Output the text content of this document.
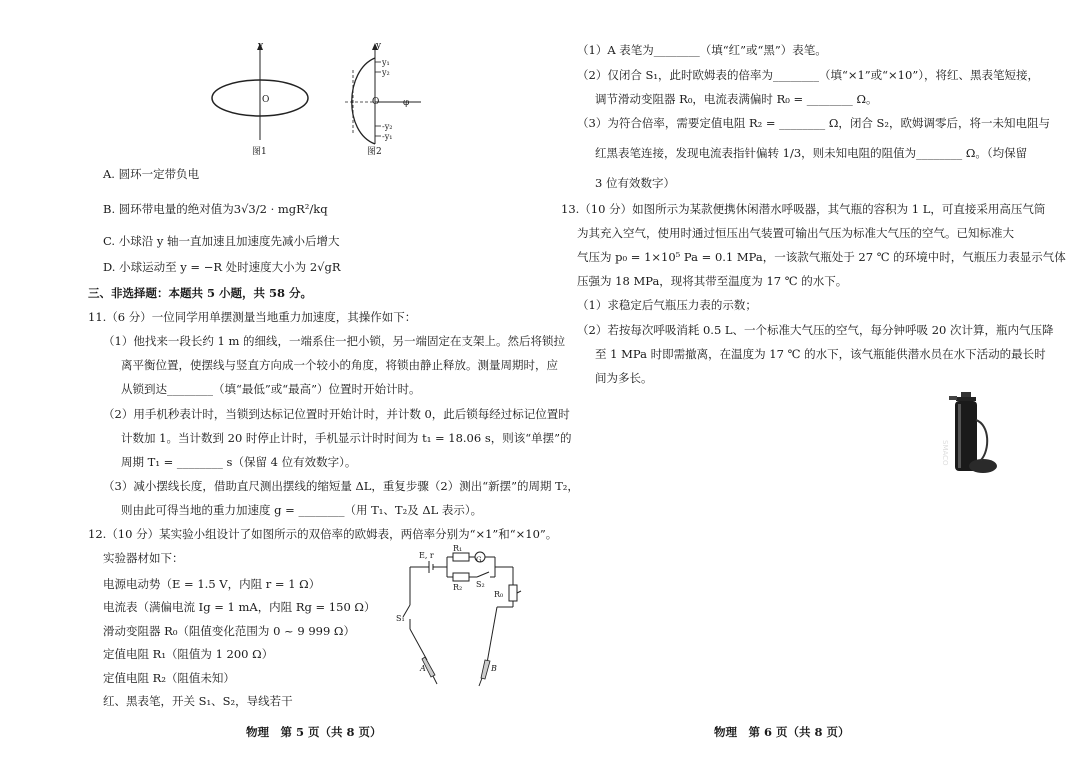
y
O
图1
y
y₁
y₂
O	φ
-y₂
-y₁
图2
A. 圆环一定带负电
B. 圆环带电量的绝对值为3√3/2 · mgR²/kq
C. 小球沿 y 轴一直加速且加速度先减小后增大
D. 小球运动至 y = −R 处时速度大小为 2√gR
三、非选择题：本题共 5 小题，共 58 分。
11.（6 分）一位同学用单摆测量当地重力加速度，其操作如下：
（1）他找来一段长约 1 m 的细线，一端系住一把小锁，另一端固定在支架上。然后将锁拉
离平衡位置，使摆线与竖直方向成一个较小的角度，将锁由静止释放。测量周期时，应
从锁到达________（填“最低”或“最高”）位置时开始计时。
（2）用手机秒表计时，当锁到达标记位置时开始计时，并计数 0，此后锁每经过标记位置时
计数加 1。当计数到 20 时停止计时，手机显示计时时间为 t₁ = 18.06 s，则该“单摆”的
周期 T₁ = ________ s（保留 4 位有效数字）。
（3）减小摆线长度，借助直尺测出摆线的缩短量 ΔL，重复步骤（2）测出“新摆”的周期 T₂，
则由此可得当地的重力加速度 g = ________（用 T₁、T₂及 ΔL 表示）。
12.（10 分）某实验小组设计了如图所示的双倍率的欧姆表，两倍率分别为“×1”和“×10”。
实验器材如下：
电源电动势（E = 1.5 V，内阻 r = 1 Ω）
电流表（满偏电流 Ig = 1 mA，内阻 Rg = 150 Ω）
滑动变阻器 R₀（阻值变化范围为 0 ~ 9 999 Ω）
定值电阻 R₁（阻值为 1 200 Ω）
定值电阻 R₂（阻值未知）
红、黑表笔，开关 S₁、S₂，导线若干
E, r
R₁
G
R₂ S₂
R₀
S₁
A	B
物理　第 5 页（共 8 页）
（1）A 表笔为________（填“红”或“黑”）表笔。
（2）仅闭合 S₁，此时欧姆表的倍率为________（填“×1”或“×10”），将红、黑表笔短接，
调节滑动变阻器 R₀，电流表满偏时 R₀ = ________ Ω。
（3）为符合倍率，需要定值电阻 R₂ = ________ Ω，闭合 S₂，欧姆调零后，将一未知电阻与
红黑表笔连接，发现电流表指针偏转 1/3，则未知电阻的阻值为________ Ω。（均保留
3 位有效数字）
13.（10 分）如图所示为某款便携休闲潜水呼吸器，其气瓶的容积为 1 L，可直接采用高压气筒
为其充入空气，使用时通过恒压出气装置可输出气压为标准大气压的空气。已知标准大
气压为 p₀ = 1×10⁵ Pa = 0.1 MPa，一该款气瓶处于 27 ℃ 的环境中时，气瓶压力表显示气体
压强为 18 MPa，现将其带至温度为 17 ℃ 的水下。
（1）求稳定后气瓶压力表的示数；
（2）若按每次呼吸消耗 0.5 L、一个标准大气压的空气，每分钟呼吸 20 次计算，瓶内气压降
至 1 MPa 时即需撤离，在温度为 17 ℃ 的水下，该气瓶能供潜水员在水下活动的最长时
间为多长。
SMACO
物理　第 6 页（共 8 页）
